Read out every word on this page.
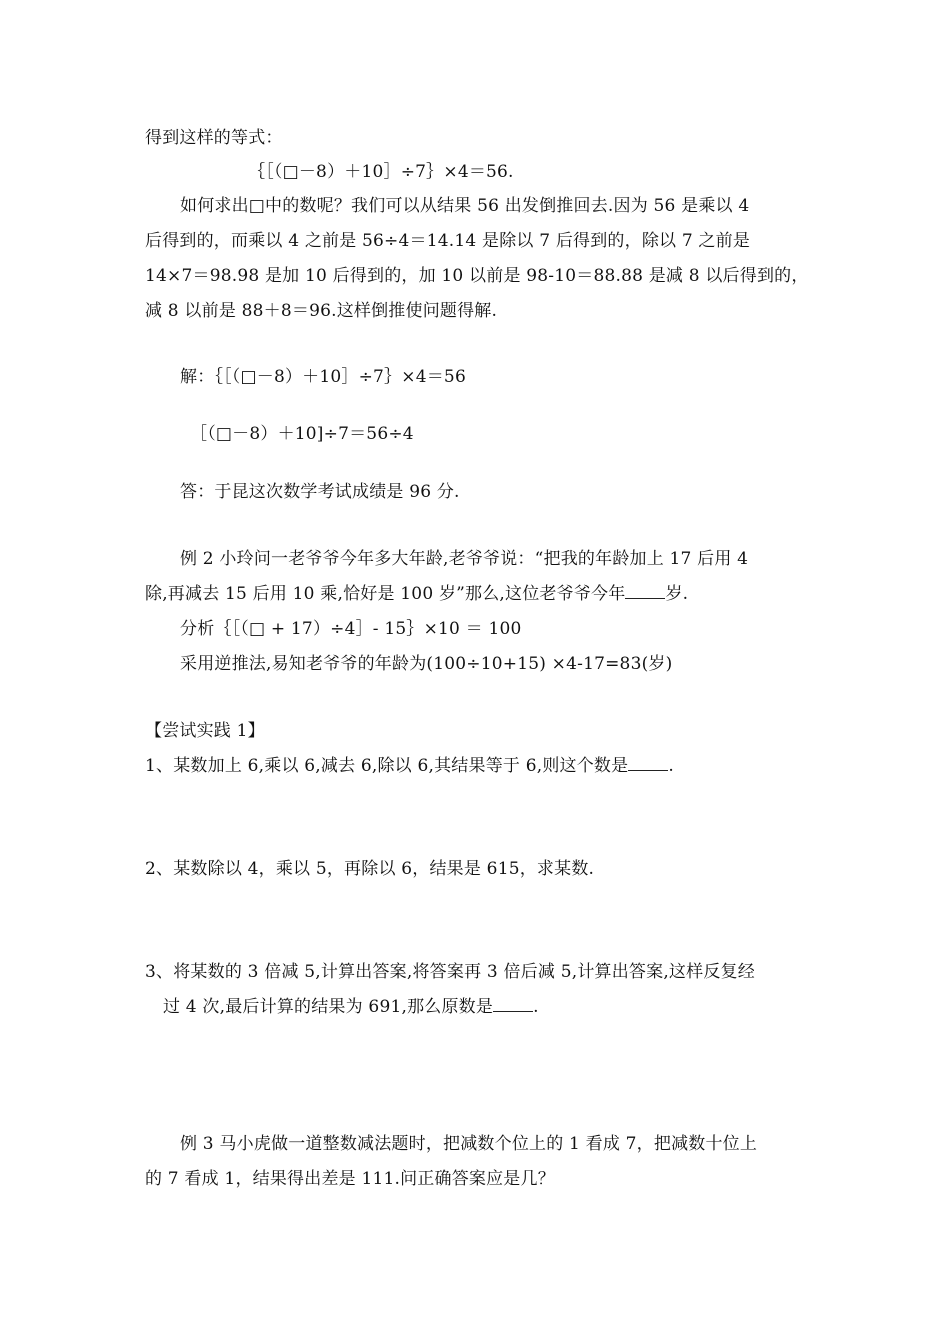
得到这样的等式：
｛［（□－8）＋10］÷7｝×4＝56.
如何求出□中的数呢？我们可以从结果 56 出发倒推回去.因为 56 是乘以 4
后得到的，而乘以 4 之前是 56÷4＝14.14 是除以 7 后得到的，除以 7 之前是
14×7＝98.98 是加 10 后得到的，加 10 以前是 98-10＝88.88 是减 8 以后得到的，
减 8 以前是 88＋8＝96.这样倒推使问题得解.
解：｛［（□－8）＋10］÷7｝×4＝56
［（□－8）＋10]÷7＝56÷4
答：于昆这次数学考试成绩是 96 分.
例 2 小玲问一老爷爷今年多大年龄,老爷爷说：“把我的年龄加上 17 后用 4
除,再减去 15 后用 10 乘,恰好是 100 岁”那么,这位老爷爷今年 岁.
分析｛［（□ + 17）÷4］- 15｝×10 ＝ 100
采用逆推法,易知老爷爷的年龄为(100÷10+15) ×4-17=83(岁)
【尝试实践 1】
1、某数加上 6,乘以 6,减去 6,除以 6,其结果等于 6,则这个数是 .
2、某数除以 4，乘以 5，再除以 6，结果是 615，求某数.
3、将某数的 3 倍减 5,计算出答案,将答案再 3 倍后减 5,计算出答案,这样反复经
过 4 次,最后计算的结果为 691,那么原数是 .
例 3 马小虎做一道整数减法题时，把减数个位上的 1 看成 7，把减数十位上
的 7 看成 1，结果得出差是 111.问正确答案应是几？
